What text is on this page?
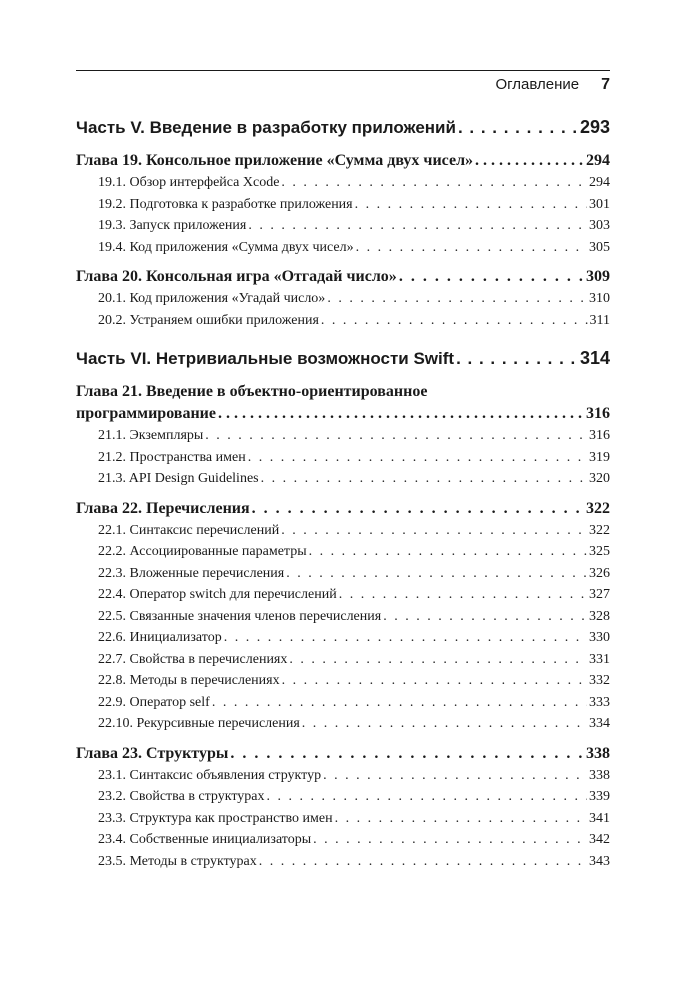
Оглавление 7
Часть V. Введение в разработку приложений . . .	293
Глава 19. Консольное приложение «Сумма двух чисел» . . .	294
19.1. Обзор интерфейса Xcode . . .	294
19.2. Подготовка к разработке приложения . . .	301
19.3. Запуск приложения . . .	303
19.4. Код приложения «Сумма двух чисел» . . .	305
Глава 20. Консольная игра «Отгадай число» . . .	309
20.1. Код приложения «Угадай число» . . .	310
20.2. Устраняем ошибки приложения . . .	311
Часть VI. Нетривиальные возможности Swift . . .	314
Глава 21. Введение в объектно-ориентированное
программирование . . .	316
21.1. Экземпляры . . .	316
21.2. Пространства имен . . .	319
21.3. API Design Guidelines . . .	320
Глава 22. Перечисления . . .	322
22.1. Синтаксис перечислений . . .	322
22.2. Ассоциированные параметры . . .	325
22.3. Вложенные перечисления . . .	326
22.4. Оператор switch для перечислений . . .	327
22.5. Связанные значения членов перечисления . . .	328
22.6. Инициализатор . . .	330
22.7. Свойства в перечислениях . . .	331
22.8. Методы в перечислениях . . .	332
22.9. Оператор self . . .	333
22.10. Рекурсивные перечисления . . .	334
Глава 23. Структуры . . .	338
23.1. Синтаксис объявления структур . . .	338
23.2. Свойства в структурах . . .	339
23.3. Структура как пространство имен . . .	341
23.4. Собственные инициализаторы . . .	342
23.5. Методы в структурах . . .	343
